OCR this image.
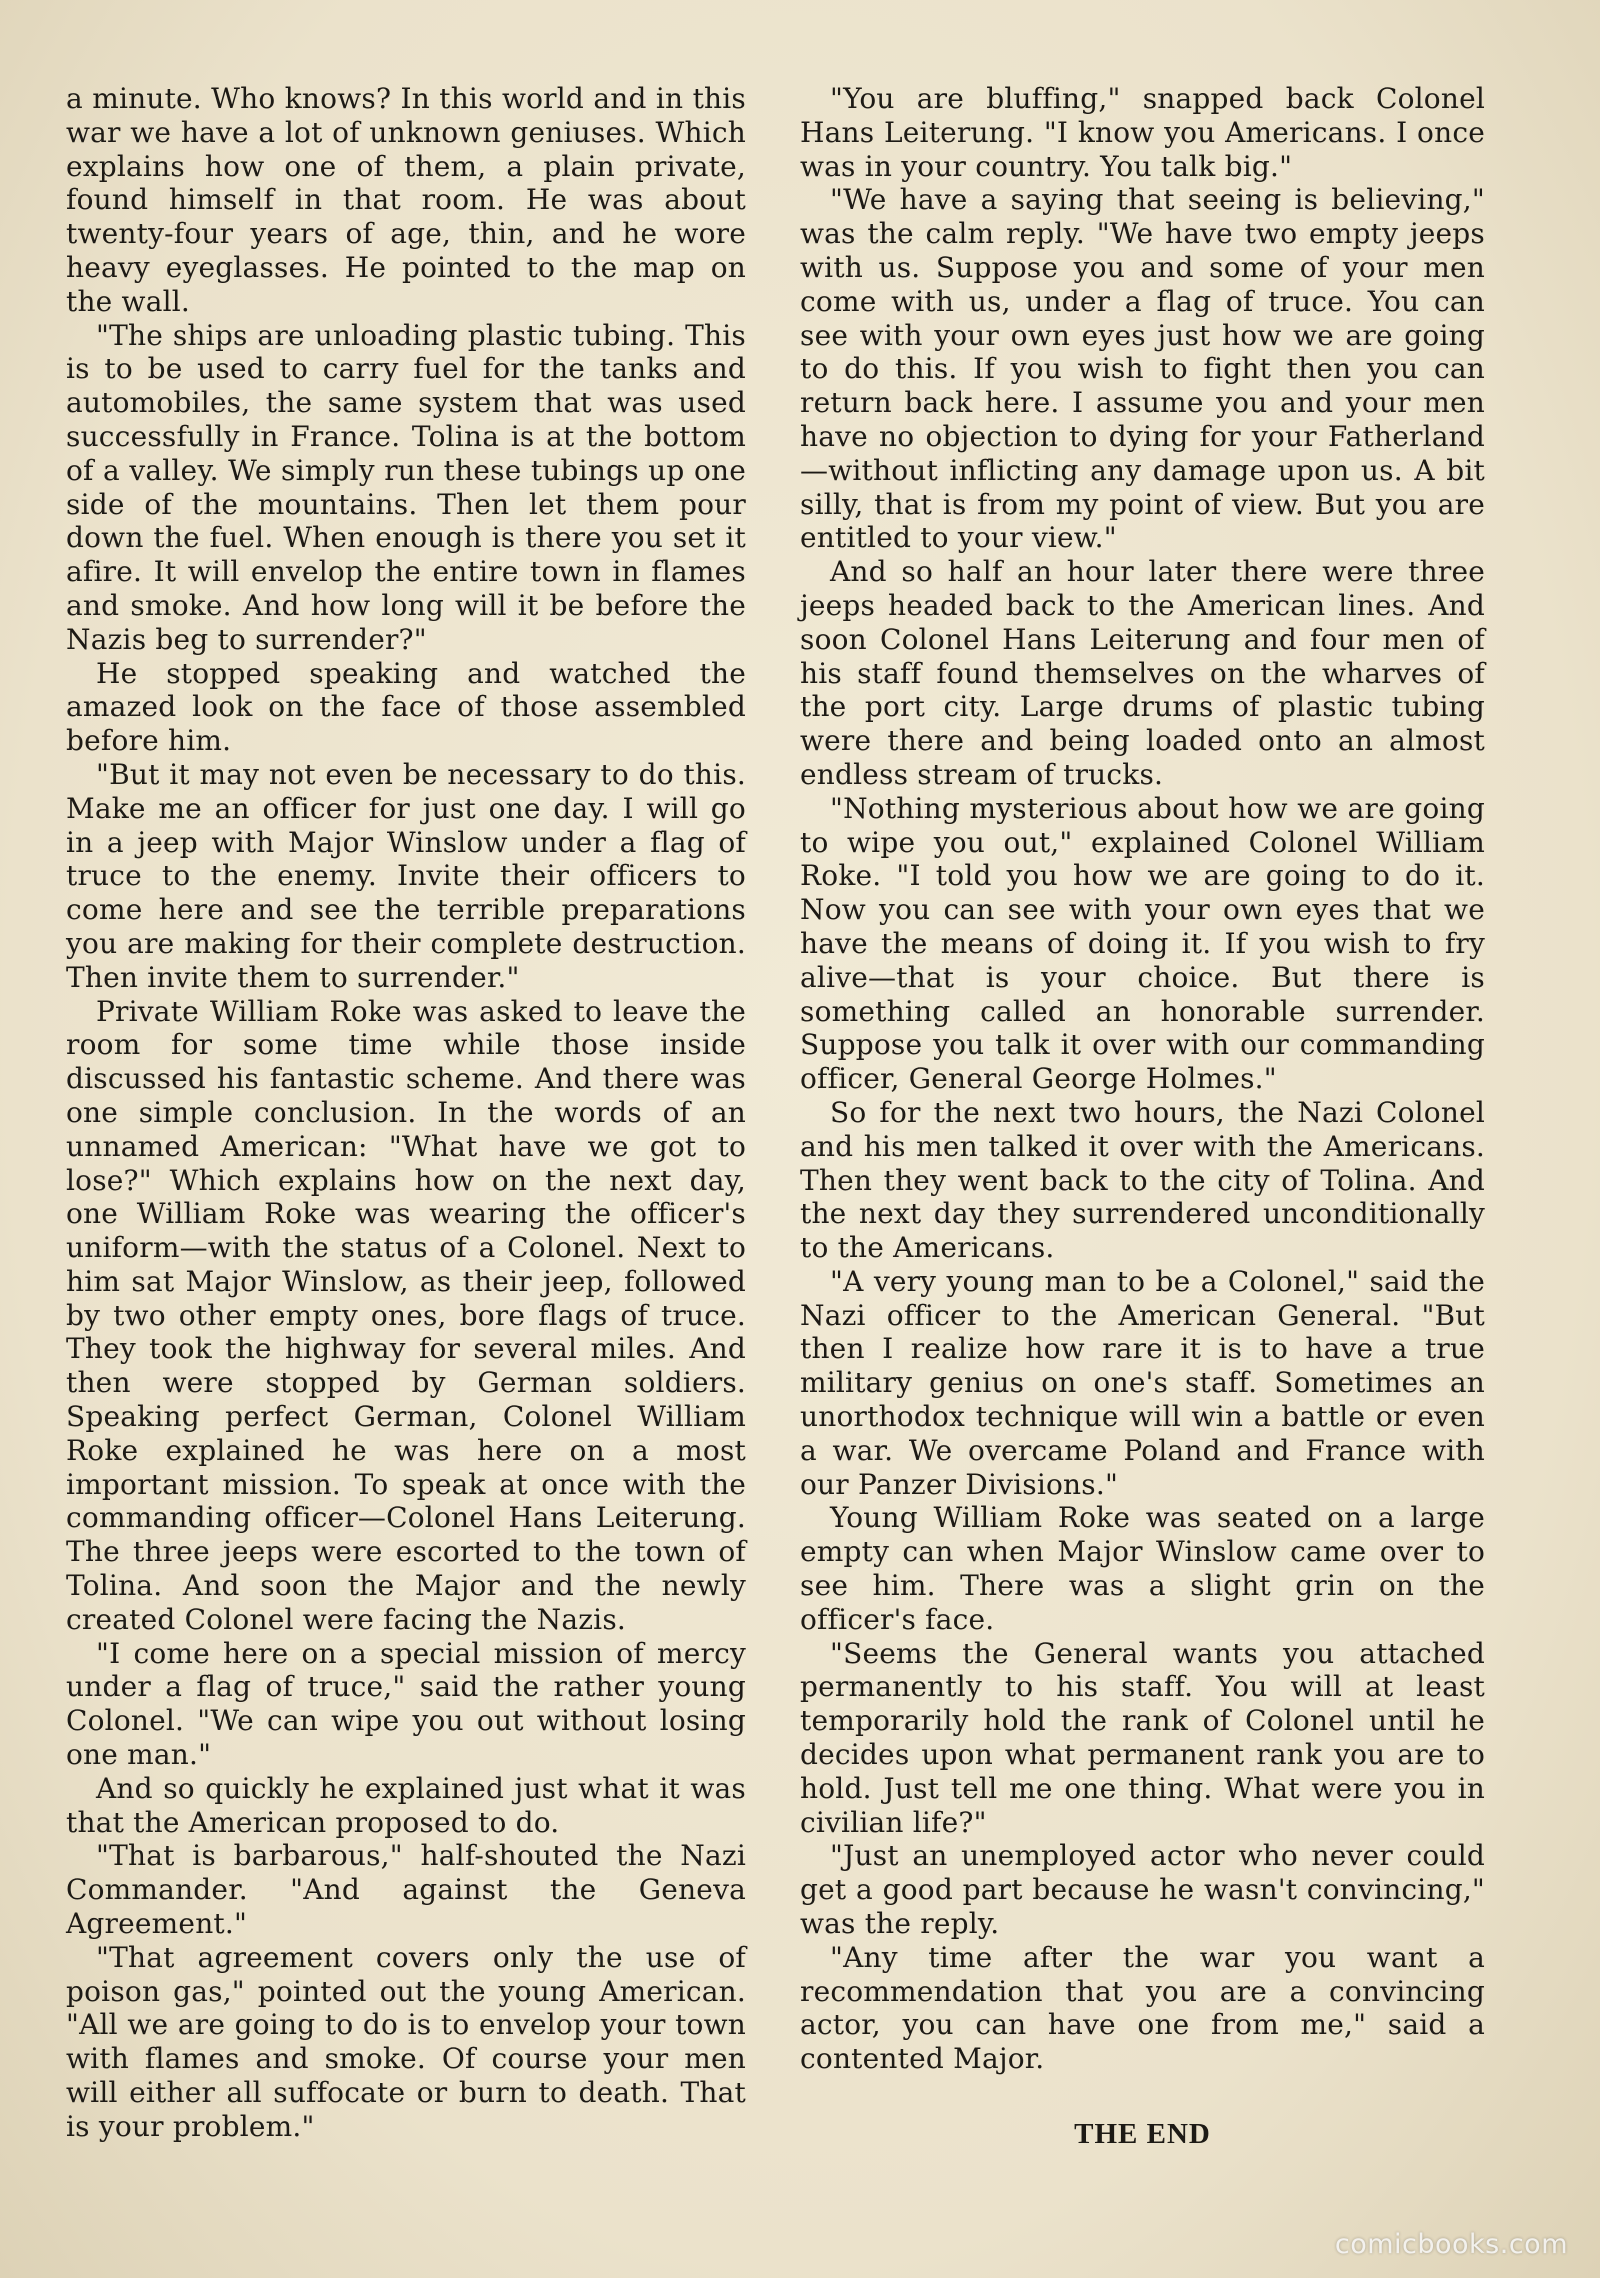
a minute. Who knows? In this world and in this war we have a lot of unknown geniuses. Which explains how one of them, a plain private, found himself in that room. He was about twenty-four years of age, thin, and he wore heavy eyeglasses. He pointed to the map on the wall.

"The ships are unloading plastic tubing. This is to be used to carry fuel for the tanks and automobiles, the same system that was used successfully in France. Tolina is at the bottom of a valley. We simply run these tubings up one side of the mountains. Then let them pour down the fuel. When enough is there you set it afire. It will envelop the entire town in flames and smoke. And how long will it be before the Nazis beg to surrender?"

He stopped speaking and watched the amazed look on the face of those assembled before him.

"But it may not even be necessary to do this. Make me an officer for just one day. I will go in a jeep with Major Winslow under a flag of truce to the enemy. Invite their officers to come here and see the terrible preparations you are making for their complete destruction. Then invite them to surrender."

Private William Roke was asked to leave the room for some time while those inside discussed his fantastic scheme. And there was one simple conclusion. In the words of an unnamed American: "What have we got to lose?" Which explains how on the next day, one William Roke was wearing the officer's uniform—with the status of a Colonel. Next to him sat Major Winslow, as their jeep, followed by two other empty ones, bore flags of truce. They took the highway for several miles. And then were stopped by German soldiers. Speaking perfect German, Colonel William Roke explained he was here on a most important mission. To speak at once with the commanding officer—Colonel Hans Leiterung. The three jeeps were escorted to the town of Tolina. And soon the Major and the newly created Colonel were facing the Nazis.

"I come here on a special mission of mercy under a flag of truce," said the rather young Colonel. "We can wipe you out without losing one man."

And so quickly he explained just what it was that the American proposed to do.

"That is barbarous," half-shouted the Nazi Commander. "And against the Geneva Agreement."

"That agreement covers only the use of poison gas," pointed out the young American. "All we are going to do is to envelop your town with flames and smoke. Of course your men will either all suffocate or burn to death. That is your problem."

"You are bluffing," snapped back Colonel Hans Leiterung. "I know you Americans. I once was in your country. You talk big."

"We have a saying that seeing is believing," was the calm reply. "We have two empty jeeps with us. Suppose you and some of your men come with us, under a flag of truce. You can see with your own eyes just how we are going to do this. If you wish to fight then you can return back here. I assume you and your men have no objection to dying for your Fatherland—without inflicting any damage upon us. A bit silly, that is from my point of view. But you are entitled to your view."

And so half an hour later there were three jeeps headed back to the American lines. And soon Colonel Hans Leiterung and four men of his staff found themselves on the wharves of the port city. Large drums of plastic tubing were there and being loaded onto an almost endless stream of trucks.

"Nothing mysterious about how we are going to wipe you out," explained Colonel William Roke. "I told you how we are going to do it. Now you can see with your own eyes that we have the means of doing it. If you wish to fry alive—that is your choice. But there is something called an honorable surrender. Suppose you talk it over with our commanding officer, General George Holmes."

So for the next two hours, the Nazi Colonel and his men talked it over with the Americans. Then they went back to the city of Tolina. And the next day they surrendered unconditionally to the Americans.

"A very young man to be a Colonel," said the Nazi officer to the American General. "But then I realize how rare it is to have a true military genius on one's staff. Sometimes an unorthodox technique will win a battle or even a war. We overcame Poland and France with our Panzer Divisions."

Young William Roke was seated on a large empty can when Major Winslow came over to see him. There was a slight grin on the officer's face.

"Seems the General wants you attached permanently to his staff. You will at least temporarily hold the rank of Colonel until he decides upon what permanent rank you are to hold. Just tell me one thing. What were you in civilian life?"

"Just an unemployed actor who never could get a good part because he wasn't convincing," was the reply.

"Any time after the war you want a recommendation that you are a convincing actor, you can have one from me," said a contented Major.

THE END
comicbooks.com
